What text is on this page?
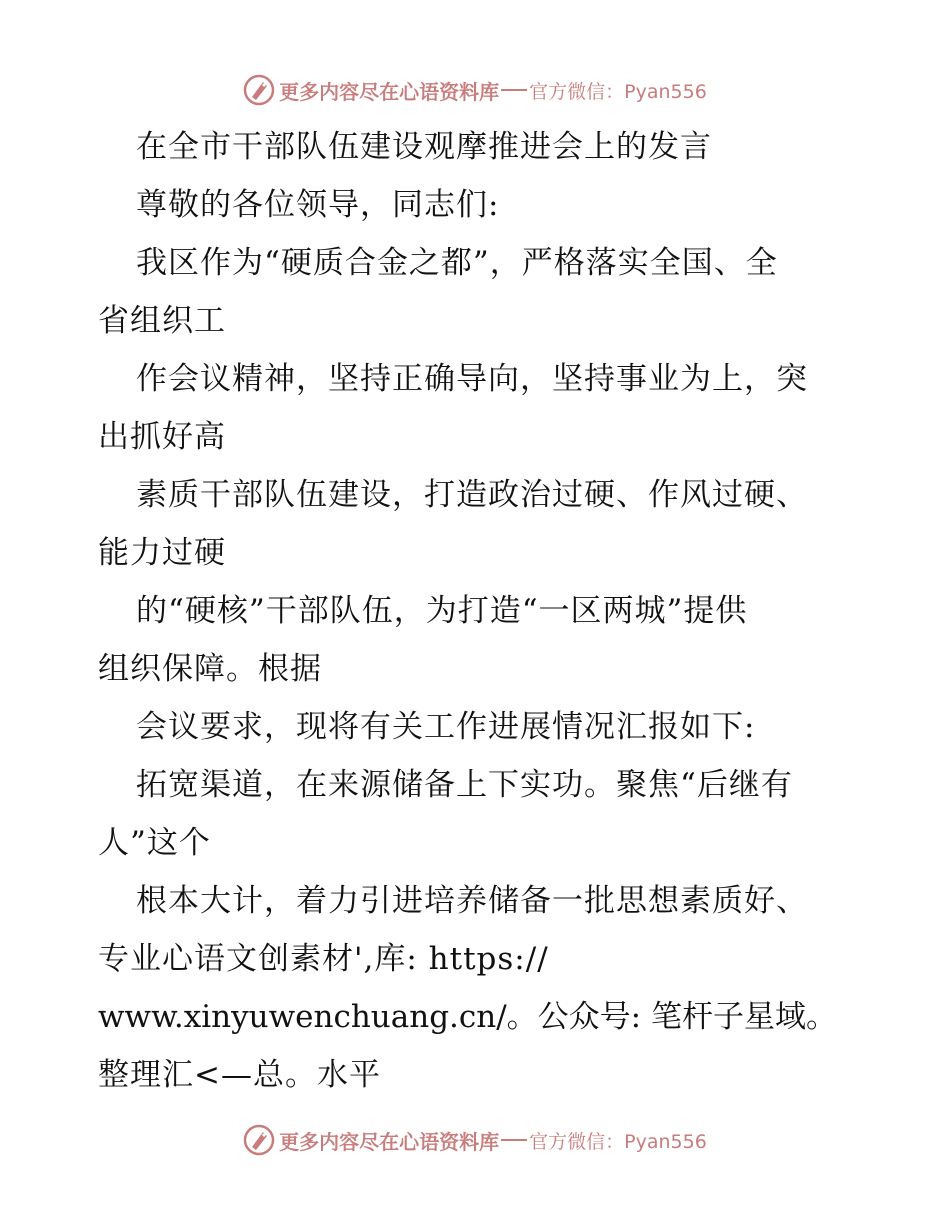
更多内容尽在心语资料库 官方微信：Pyan556
在全市干部队伍建设观摩推进会上的发言
尊敬的各位领导，同志们:
我区作为“硬质合金之都”，严格落实全国、全
省组织工
作会议精神，坚持正确导向，坚持事业为上，突
出抓好高
素质干部队伍建设，打造政治过硬、作风过硬、
能力过硬
的“硬核”干部队伍，为打造“一区两城”提供
组织保障。根据
会议要求，现将有关工作进展情况汇报如下:
拓宽渠道，在来源储备上下实功。聚焦“后继有
人”这个
根本大计，着力引进培养储备一批思想素质好、
专业心语文创素材',库: https://
www.xinyuwenchuang.cn/。公众号: 笔杆子星域。
整理汇<—总。水平
更多内容尽在心语资料库 官方微信：Pyan556
